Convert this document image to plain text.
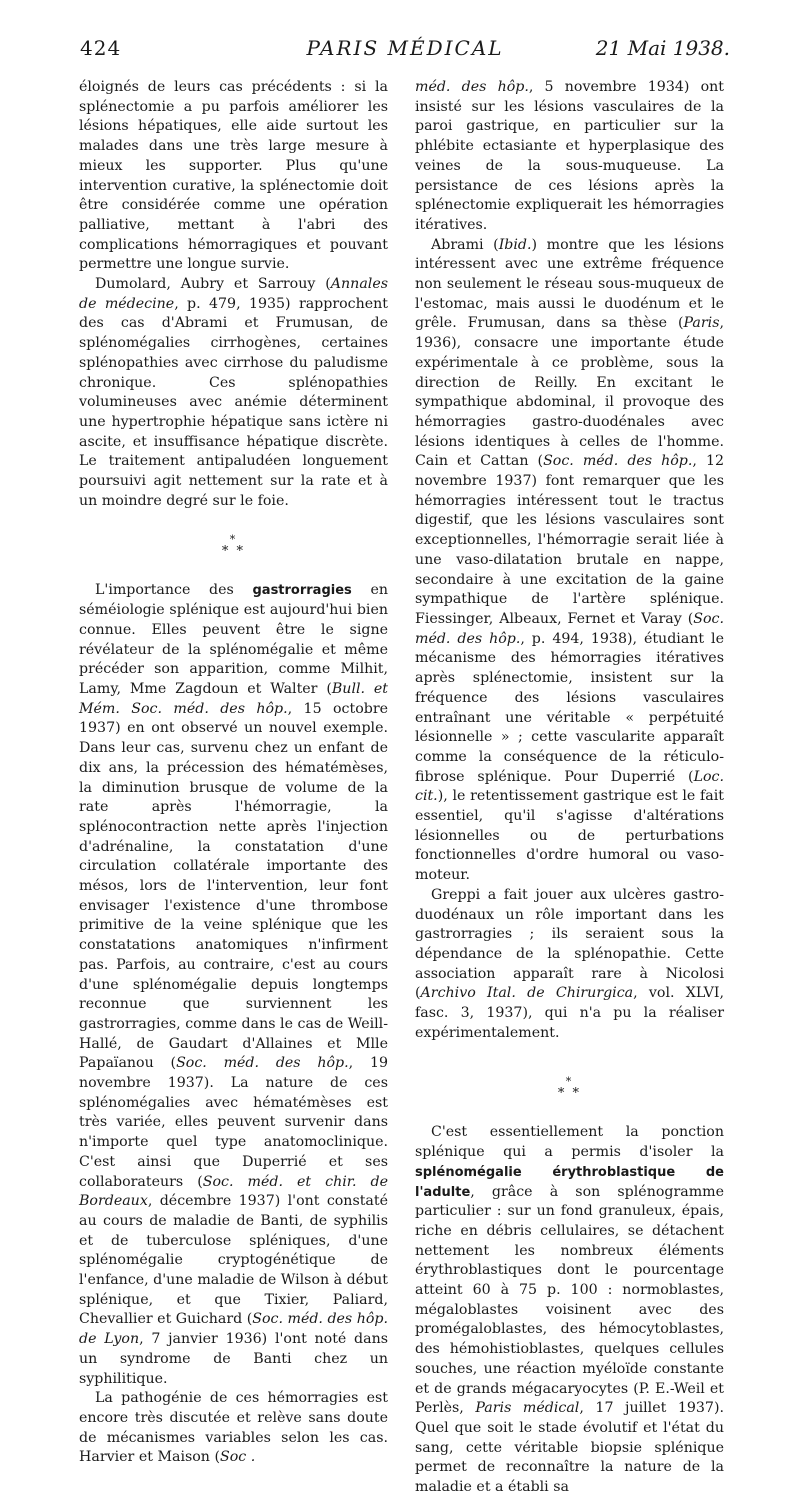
424	PARIS MÉDICAL	21 Mai 1938.

éloignés de leurs cas précédents : si la splénectomie a pu parfois améliorer les lésions hépatiques, elle aide surtout les malades dans une très large mesure à mieux les supporter. Plus qu'une intervention curative, la splénectomie doit être considérée comme une opération palliative, mettant à l'abri des complications hémorragiques et pouvant permettre une longue survie.

Dumolard, Aubry et Sarrouy (Annales de médecine, p. 479, 1935) rapprochent des cas d'Abrami et Frumusan, de splénomégalies cirrhogènes, certaines splénopathies avec cirrhose du paludisme chronique. Ces splénopathies volumineuses avec anémie déterminent une hypertrophie hépatique sans ictère ni ascite, et insuffisance hépatique discrète. Le traitement antipaludéen longuement poursuivi agit nettement sur la rate et à un moindre degré sur le foie.

*
* *

L'importance des gastrorragies en séméiologie splénique est aujourd'hui bien connue. Elles peuvent être le signe révélateur de la splénomégalie et même précéder son apparition, comme Milhit, Lamy, Mme Zagdoun et Walter (Bull. et Mém. Soc. méd. des hôp., 15 octobre 1937) en ont observé un nouvel exemple. Dans leur cas, survenu chez un enfant de dix ans, la précession des hématémèses, la diminution brusque de volume de la rate après l'hémorragie, la splénocontraction nette après l'injection d'adrénaline, la constatation d'une circulation collatérale importante des mésos, lors de l'intervention, leur font envisager l'existence d'une thrombose primitive de la veine splénique que les constatations anatomiques n'infirment pas. Parfois, au contraire, c'est au cours d'une splénomégalie depuis longtemps reconnue que surviennent les gastrorragies, comme dans le cas de Weill-Hallé, de Gaudart d'Allaines et Mlle Papaïanou (Soc. méd. des hôp., 19 novembre 1937). La nature de ces splénomégalies avec hématémèses est très variée, elles peuvent survenir dans n'importe quel type anatomoclinique. C'est ainsi que Duperrié et ses collaborateurs (Soc. méd. et chir. de Bordeaux, décembre 1937) l'ont constaté au cours de maladie de Banti, de syphilis et de tuberculose spléniques, d'une splénomégalie cryptogénétique de l'enfance, d'une maladie de Wilson à début splénique, et que Tixier, Paliard, Chevallier et Guichard (Soc. méd. des hôp. de Lyon, 7 janvier 1936) l'ont noté dans un syndrome de Banti chez un syphilitique.

La pathogénie de ces hémorragies est encore très discutée et relève sans doute de mécanismes variables selon les cas. Harvier et Maison (Soc .

méd. des hôp., 5 novembre 1934) ont insisté sur les lésions vasculaires de la paroi gastrique, en particulier sur la phlébite ectasiante et hyperplasique des veines de la sous-muqueuse. La persistance de ces lésions après la splénectomie expliquerait les hémorragies itératives.

Abrami (Ibid.) montre que les lésions intéressent avec une extrême fréquence non seulement le réseau sous-muqueux de l'estomac, mais aussi le duodénum et le grêle. Frumusan, dans sa thèse (Paris, 1936), consacre une importante étude expérimentale à ce problème, sous la direction de Reilly. En excitant le sympathique abdominal, il provoque des hémorragies gastro-duodénales avec lésions identiques à celles de l'homme. Cain et Cattan (Soc. méd. des hôp., 12 novembre 1937) font remarquer que les hémorragies intéressent tout le tractus digestif, que les lésions vasculaires sont exceptionnelles, l'hémorragie serait liée à une vaso-dilatation brutale en nappe, secondaire à une excitation de la gaine sympathique de l'artère splénique. Fiessinger, Albeaux, Fernet et Varay (Soc. méd. des hôp., p. 494, 1938), étudiant le mécanisme des hémorragies itératives après splénectomie, insistent sur la fréquence des lésions vasculaires entraînant une véritable « perpétuité lésionnelle » ; cette vascularite apparaît comme la conséquence de la réticulo-fibrose splénique. Pour Duperrié (Loc. cit.), le retentissement gastrique est le fait essentiel, qu'il s'agisse d'altérations lésionnelles ou de perturbations fonctionnelles d'ordre humoral ou vaso-moteur.

Greppi a fait jouer aux ulcères gastro-duodénaux un rôle important dans les gastrorragies ; ils seraient sous la dépendance de la splénopathie. Cette association apparaît rare à Nicolosi (Archivo Ital. de Chirurgica, vol. XLVI, fasc. 3, 1937), qui n'a pu la réaliser expérimentalement.

*
* *

C'est essentiellement la ponction splénique qui a permis d'isoler la splénomégalie érythroblastique de l'adulte, grâce à son splénogramme particulier : sur un fond granuleux, épais, riche en débris cellulaires, se détachent nettement les nombreux éléments érythroblastiques dont le pourcentage atteint 60 à 75 p. 100 : normoblastes, mégaloblastes voisinent avec des promégaloblastes, des hémocytoblastes, des hémohistioblastes, quelques cellules souches, une réaction myéloïde constante et de grands mégacaryocytes (P. E.-Weil et Perlès, Paris médical, 17 juillet 1937). Quel que soit le stade évolutif et l'état du sang, cette véritable biopsie splénique permet de reconnaître la nature de la maladie et a établi sa
